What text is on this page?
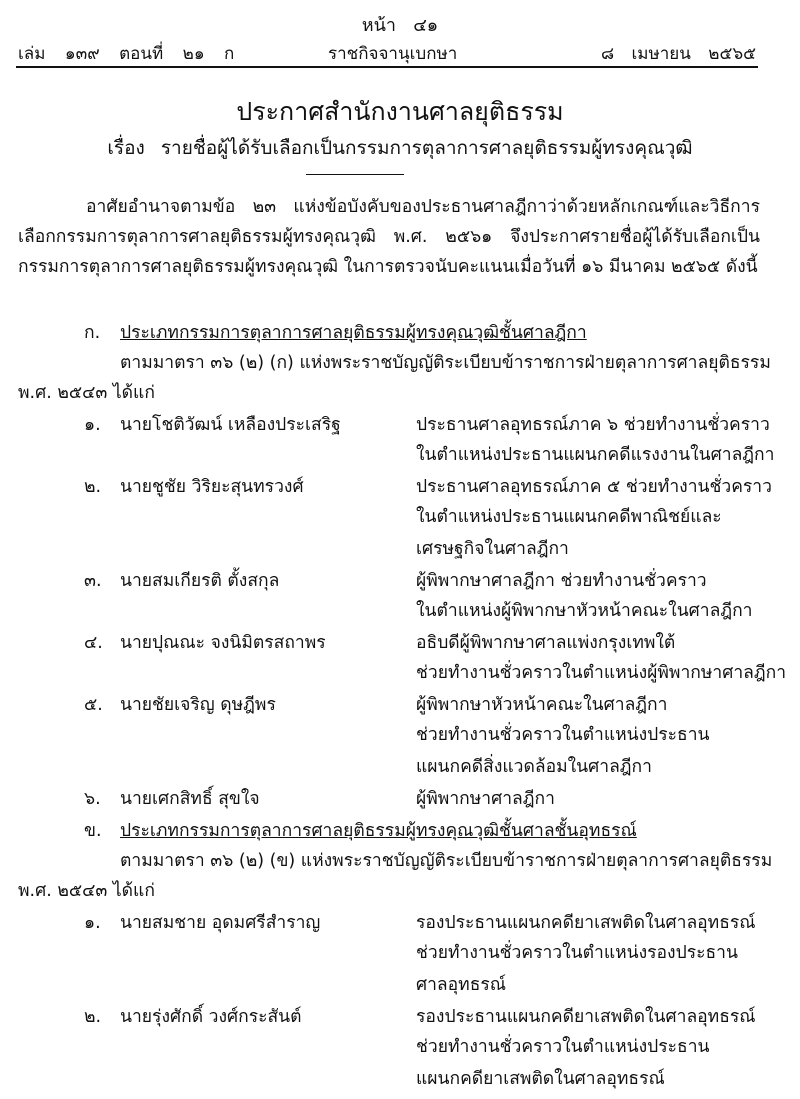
หน้า ๔๑
เล่ม ๑๓๙ ตอนที่ ๒๑ ก	ราชกิจจานุเบกษา	๘ เมษายน ๒๕๖๕
ประกาศสำนักงานศาลยุติธรรม
เรื่อง รายชื่อผู้ได้รับเลือกเป็นกรรมการตุลาการศาลยุติธรรมผู้ทรงคุณวุฒิ
อาศัยอำนาจตามข้อ ๒๓ แห่งข้อบังคับของประธานศาลฎีกาว่าด้วยหลักเกณฑ์และวิธีการเลือกกรรมการตุลาการศาลยุติธรรมผู้ทรงคุณวุฒิ พ.ศ. ๒๕๖๑ จึงประกาศรายชื่อผู้ได้รับเลือกเป็นกรรมการตุลาการศาลยุติธรรมผู้ทรงคุณวุฒิ ในการตรวจนับคะแนนเมื่อวันที่ ๑๖ มีนาคม ๒๕๖๕ ดังนี้
ก. ประเภทกรรมการตุลาการศาลยุติธรรมผู้ทรงคุณวุฒิชั้นศาลฎีกา
ตามมาตรา ๓๖ (๒) (ก) แห่งพระราชบัญญัติระเบียบข้าราชการฝ่ายตุลาการศาลยุติธรรม
พ.ศ. ๒๕๔๓ ได้แก่
๑. นายโชติวัฒน์ เหลืองประเสริฐ	ประธานศาลอุทธรณ์ภาค ๖ ช่วยทำงานชั่วคราว
ในตำแหน่งประธานแผนกคดีแรงงานในศาลฎีกา
๒. นายชูชัย วิริยะสุนทรวงศ์	ประธานศาลอุทธรณ์ภาค ๕ ช่วยทำงานชั่วคราว
ในตำแหน่งประธานแผนกคดีพาณิชย์และ
เศรษฐกิจในศาลฎีกา
๓. นายสมเกียรติ ตั้งสกุล	ผู้พิพากษาศาลฎีกา ช่วยทำงานชั่วคราว
ในตำแหน่งผู้พิพากษาหัวหน้าคณะในศาลฎีกา
๔. นายปุณณะ จงนิมิตรสถาพร	อธิบดีผู้พิพากษาศาลแพ่งกรุงเทพใต้
ช่วยทำงานชั่วคราวในตำแหน่งผู้พิพากษาศาลฎีกา
๕. นายชัยเจริญ ดุษฎีพร	ผู้พิพากษาหัวหน้าคณะในศาลฎีกา
ช่วยทำงานชั่วคราวในตำแหน่งประธาน
แผนกคดีสิ่งแวดล้อมในศาลฎีกา
๖. นายเศกสิทธิ์ สุขใจ	ผู้พิพากษาศาลฎีกา
ข. ประเภทกรรมการตุลาการศาลยุติธรรมผู้ทรงคุณวุฒิชั้นศาลชั้นอุทธรณ์
ตามมาตรา ๓๖ (๒) (ข) แห่งพระราชบัญญัติระเบียบข้าราชการฝ่ายตุลาการศาลยุติธรรม
พ.ศ. ๒๕๔๓ ได้แก่
๑. นายสมชาย อุดมศรีสำราญ	รองประธานแผนกคดียาเสพติดในศาลอุทธรณ์
ช่วยทำงานชั่วคราวในตำแหน่งรองประธาน
ศาลอุทธรณ์
๒. นายรุ่งศักดิ์ วงศ์กระสันต์	รองประธานแผนกคดียาเสพติดในศาลอุทธรณ์
ช่วยทำงานชั่วคราวในตำแหน่งประธาน
แผนกคดียาเสพติดในศาลอุทธรณ์
